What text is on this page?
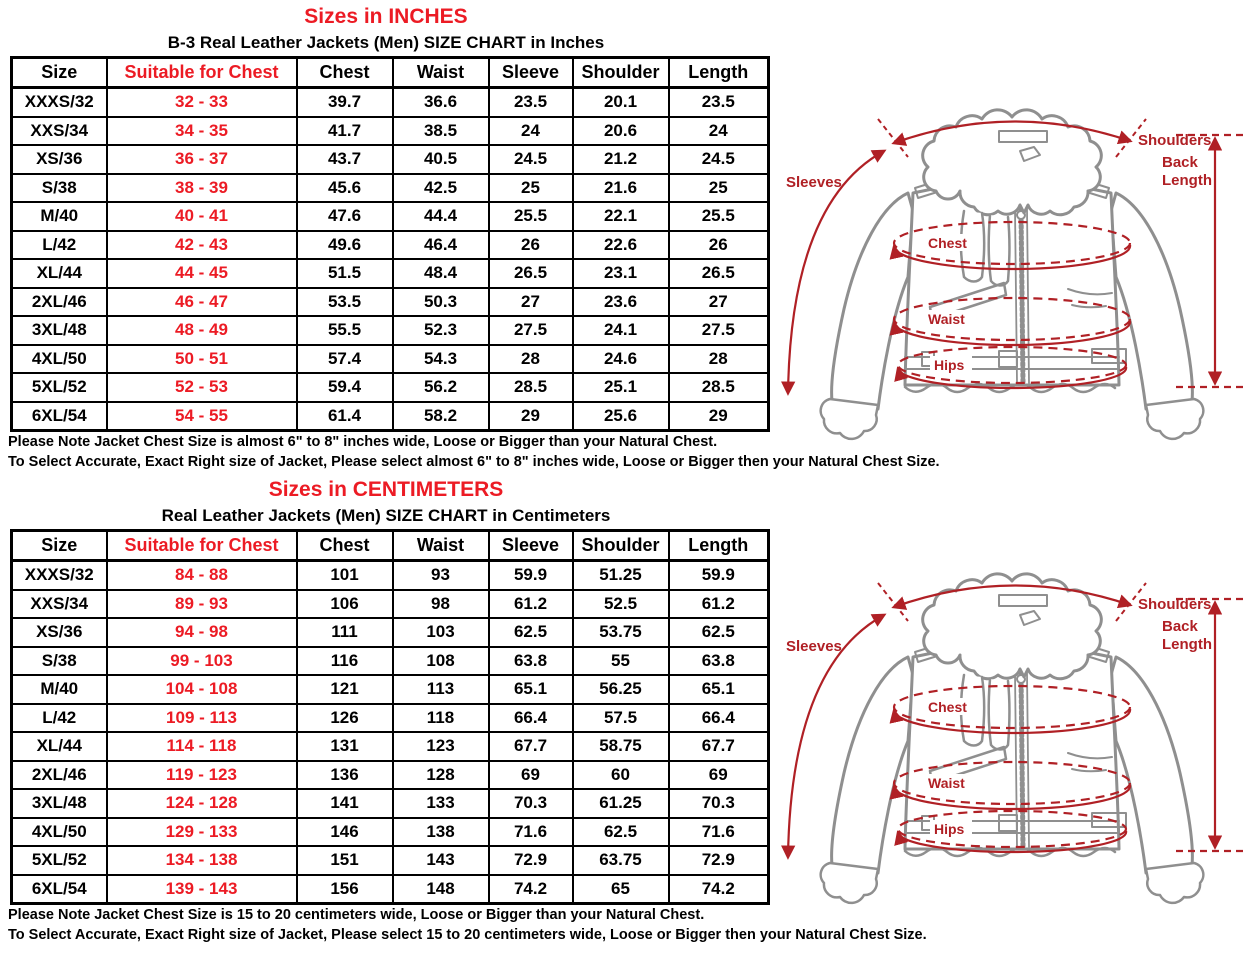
Sizes in INCHES
B-3 Real Leather Jackets (Men) SIZE CHART in Inches
Size	Suitable for Chest	Chest	Waist	Sleeve	Shoulder	Length
XXXS/32	32 - 33	39.7	36.6	23.5	20.1	23.5
XXS/34	34 - 35	41.7	38.5	24	20.6	24
XS/36	36 - 37	43.7	40.5	24.5	21.2	24.5
S/38	38 - 39	45.6	42.5	25	21.6	25
M/40	40 - 41	47.6	44.4	25.5	22.1	25.5
L/42	42 - 43	49.6	46.4	26	22.6	26
XL/44	44 - 45	51.5	48.4	26.5	23.1	26.5
2XL/46	46 - 47	53.5	50.3	27	23.6	27
3XL/48	48 - 49	55.5	52.3	27.5	24.1	27.5
4XL/50	50 - 51	57.4	54.3	28	24.6	28
5XL/52	52 - 53	59.4	56.2	28.5	25.1	28.5
6XL/54	54 - 55	61.4	58.2	29	25.6	29
Please Note Jacket Chest Size is almost 6" to 8" inches wide, Loose or Bigger than your Natural Chest.
To Select Accurate, Exact Right size of Jacket, Please select almost 6" to 8" inches wide, Loose or Bigger then your Natural Chest Size.
Sizes in CENTIMETERS
Real Leather Jackets (Men) SIZE CHART in Centimeters
Size	Suitable for Chest	Chest	Waist	Sleeve	Shoulder	Length
XXXS/32	84 - 88	101	93	59.9	51.25	59.9
XXS/34	89 - 93	106	98	61.2	52.5	61.2
XS/36	94 - 98	111	103	62.5	53.75	62.5
S/38	99 - 103	116	108	63.8	55	63.8
M/40	104 - 108	121	113	65.1	56.25	65.1
L/42	109 - 113	126	118	66.4	57.5	66.4
XL/44	114 - 118	131	123	67.7	58.75	67.7
2XL/46	119 - 123	136	128	69	60	69
3XL/48	124 - 128	141	133	70.3	61.25	70.3
4XL/50	129 - 133	146	138	71.6	62.5	71.6
5XL/52	134 - 138	151	143	72.9	63.75	72.9
6XL/54	139 - 143	156	148	74.2	65	74.2
Please Note Jacket Chest Size is 15 to 20 centimeters wide, Loose or Bigger than your Natural Chest.
To Select Accurate, Exact Right size of Jacket, Please select 15 to 20 centimeters wide, Loose or Bigger then your Natural Chest Size.
Sleeves
Shoulders
Back
Length
Chest
Waist
Hips
Sleeves
Shoulders
Back
Length
Chest
Waist
Hips
